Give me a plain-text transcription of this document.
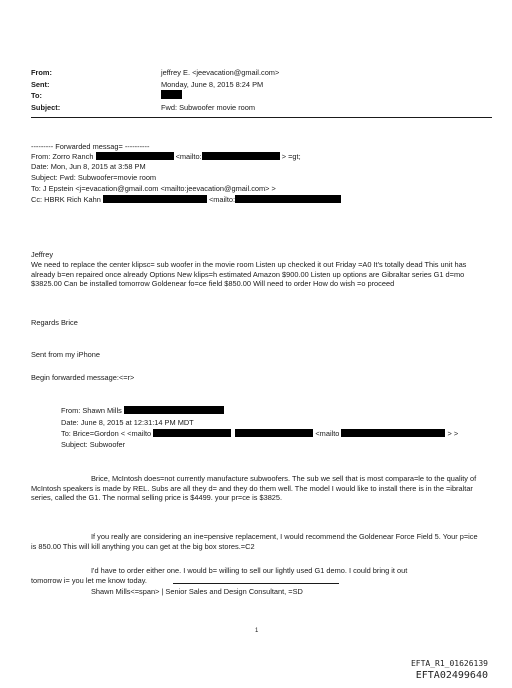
From:	jeffrey E. <jeevacation@gmail.com>
Sent:	Monday, June 8, 2015 8:24 PM
To:
Subject:	Fwd: Subwoofer movie room
--------- Forwarded messag= ----------
From: Zorro Ranch	<mailto:	> =gt;
Date: Mon, Jun 8, 2015 at 3:58 PM
Subject: Fwd: Subwoofer=movie room
To: J Epstein <j=evacation@gmail.com <mailto:jeevacation@gmail.com> >
Cc: HBRK Rich Kahn	<mailto:
Jeffrey
We need to replace the center klipsc= sub woofer in the movie room Listen up checked it out Friday =A0 It's totally dead This unit has already b=en repaired once already Options New klips=h estimated Amazon $900.00 Listen up options are Gibraltar series G1 d=mo $3825.00 Can be installed tomorrow Goldenear fo=ce field $850.00 Will need to order How do wish =o proceed
Regards Brice
Sent from my iPhone
Begin forwarded message:<=r>
From: Shawn Mills
Date: June 8, 2015 at 12:31:14 PM MDT
To: Brice=Gordon < <mailto	<mailto	> >
Subject: Subwoofer
Brice, McIntosh does=not currently manufacture subwoofers. The sub we sell that is most compara=le to the quality of McIntosh speakers is made by REL. Subs are all they d= and they do them well. The model I would like to install there is in the =ibraltar series, called the G1. The normal selling price is $4499. your pr=ce is $3825.
If you really are considering an ine=pensive replacement, I would recommend the Goldenear Force Field 5. Your p=ice is 850.00 This will kill anything you can get at the big box stores.=C2
I'd have to order either one. I would b= willing to sell our lightly used G1 demo. I could bring it out
tomorrow i= you let me know today.
Shawn Mills<=span> | Senior Sales and Design Consultant, =SD
1
EFTA_R1_01626139
EFTA02499640
